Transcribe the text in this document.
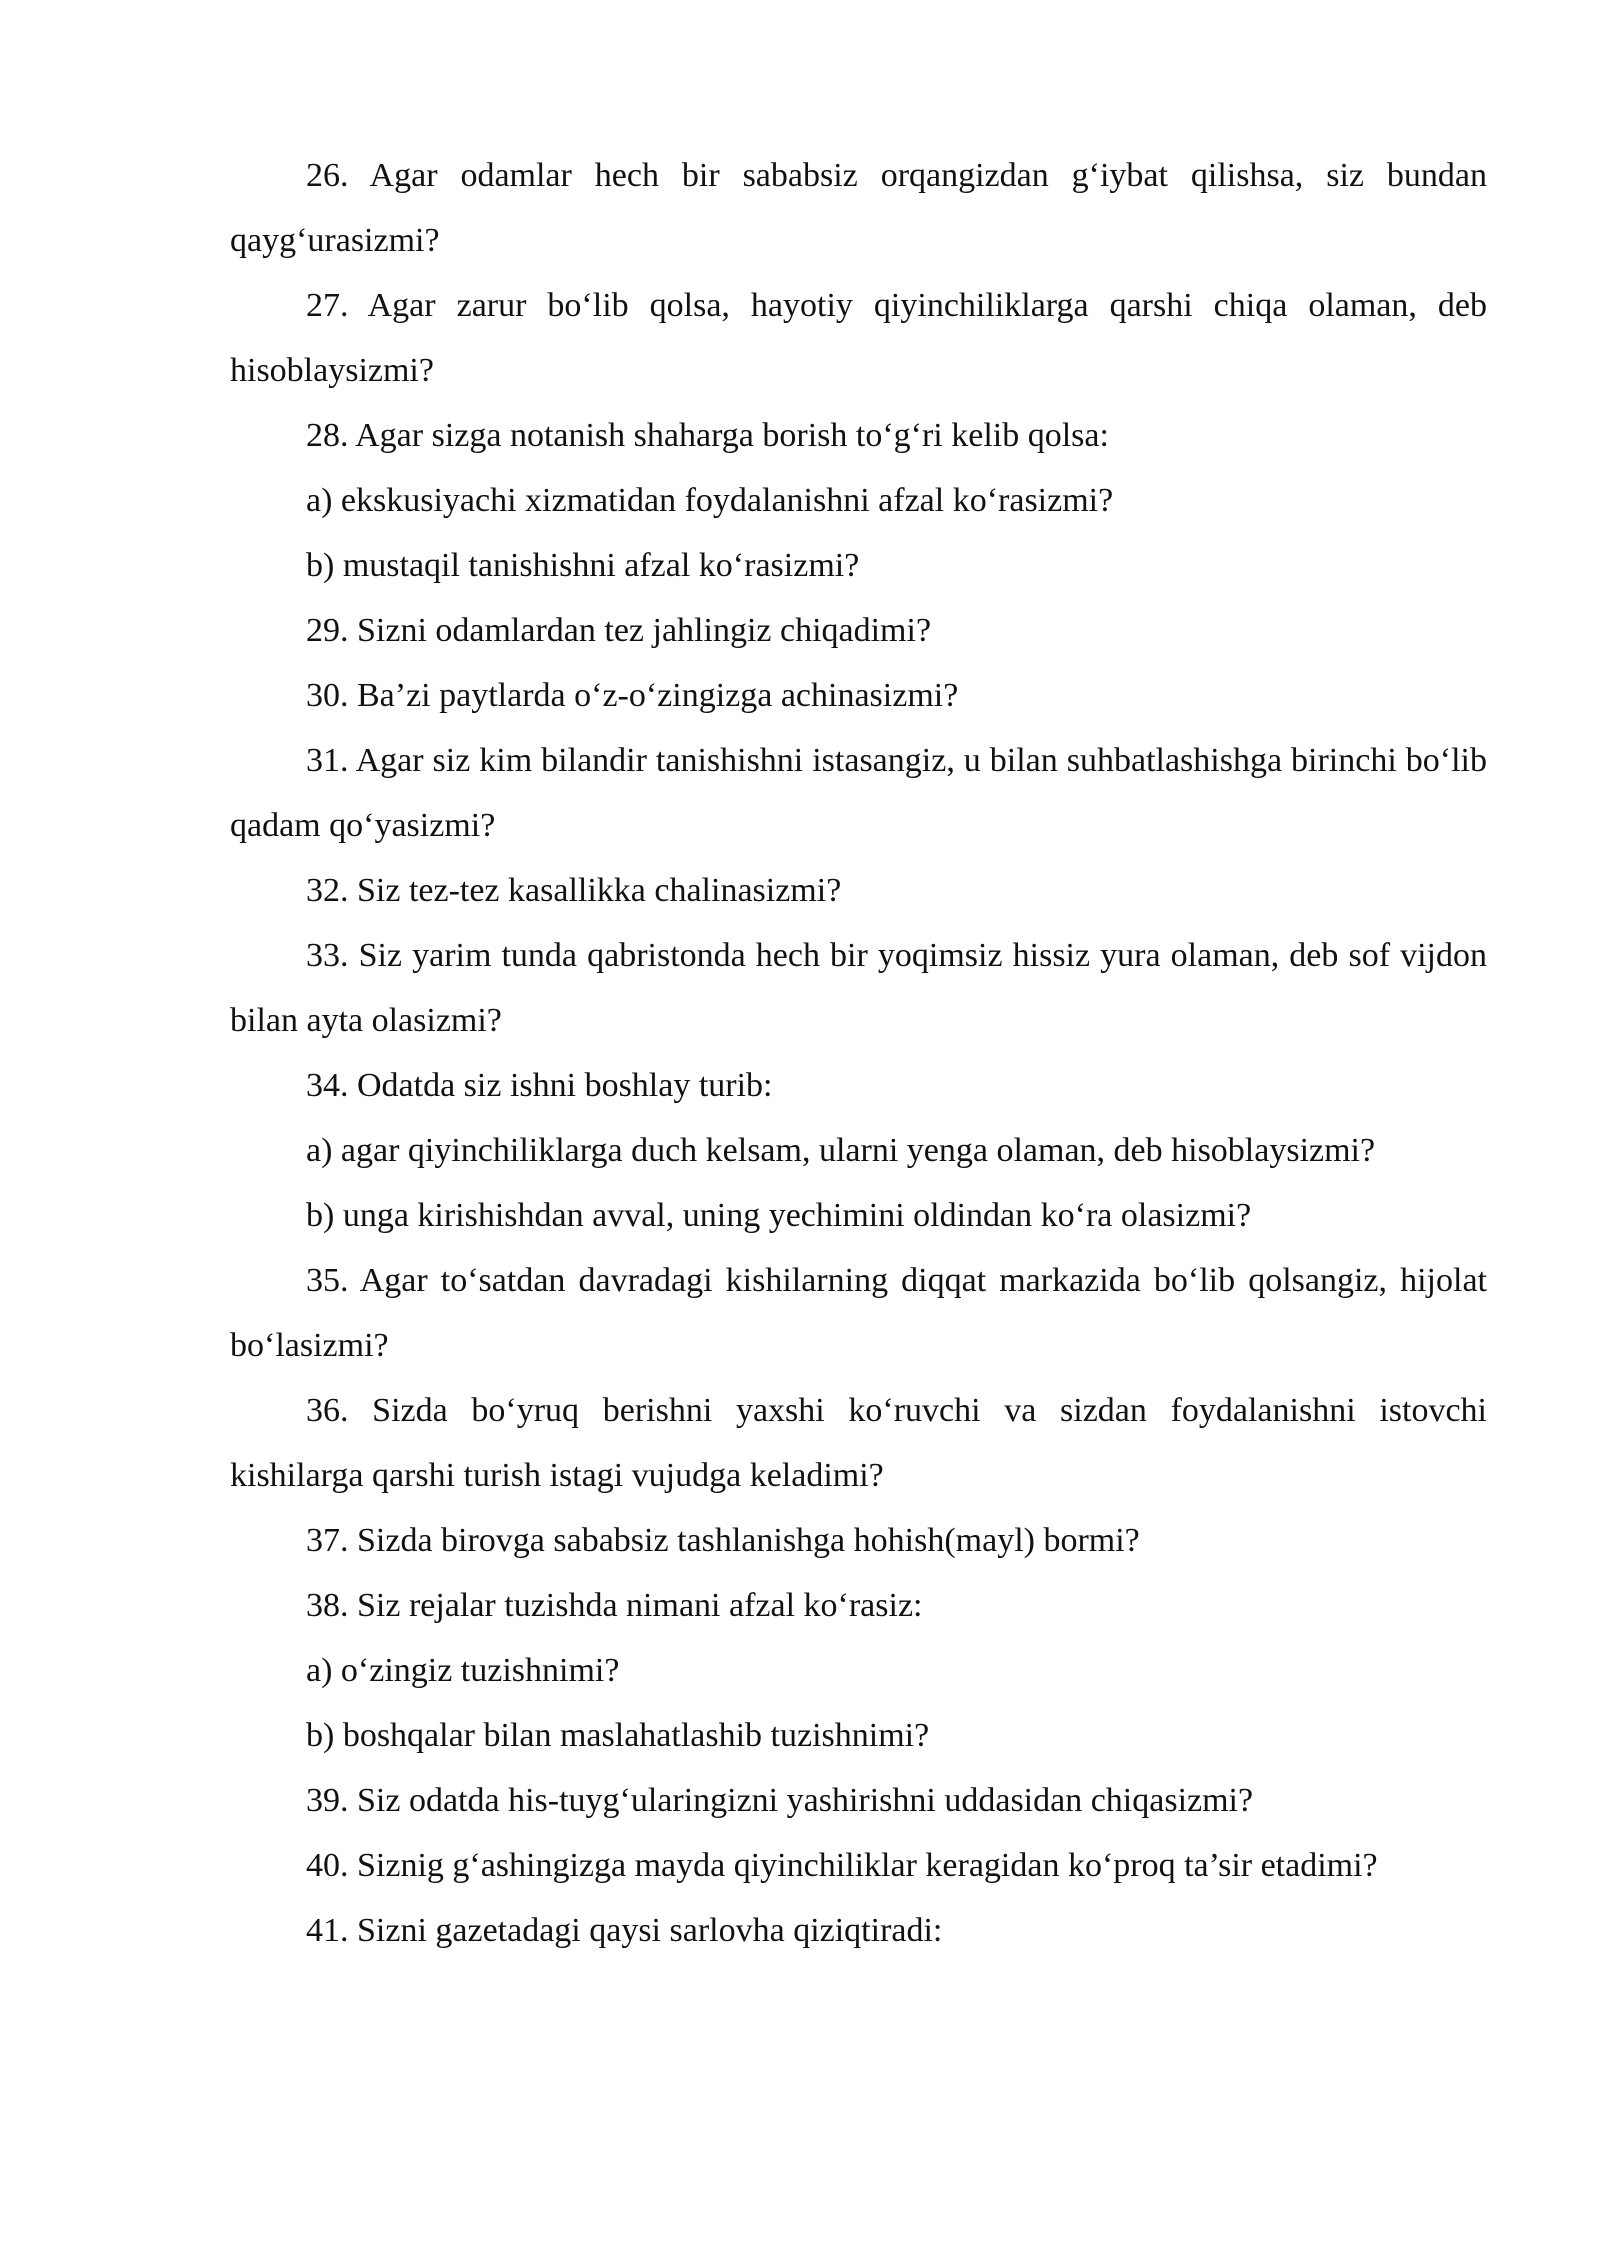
26. Agar odamlar hech bir sababsiz orqangizdan g‘iybat qilishsa, siz bundan qayg‘urasizmi?

27. Agar zarur bo‘lib qolsa, hayotiy qiyinchiliklarga qarshi chiqa olaman, deb hisoblaysizmi?

28. Agar sizga notanish shaharga borish to‘g‘ri kelib qolsa:

a) ekskusiyachi xizmatidan foydalanishni afzal ko‘rasizmi?

b) mustaqil tanishishni afzal ko‘rasizmi?

29. Sizni odamlardan tez jahlingiz chiqadimi?

30. Ba’zi paytlarda o‘z-o‘zingizga achinasizmi?

31. Agar siz kim bilandir tanishishni istasangiz, u bilan suhbatlashishga birinchi bo‘lib qadam qo‘yasizmi?

32. Siz tez-tez kasallikka chalinasizmi?

33. Siz yarim tunda qabristonda hech bir yoqimsiz hissiz yura olaman, deb sof vijdon bilan ayta olasizmi?

34. Odatda siz ishni boshlay turib:

a) agar qiyinchiliklarga duch kelsam, ularni yenga olaman, deb hisoblaysizmi?

b) unga kirishishdan avval, uning yechimini oldindan ko‘ra olasizmi?

35. Agar to‘satdan davradagi kishilarning diqqat markazida bo‘lib qolsangiz, hijolat bo‘lasizmi?

36. Sizda bo‘yruq berishni yaxshi ko‘ruvchi va sizdan foydalanishni istovchi kishilarga qarshi turish istagi vujudga keladimi?

37. Sizda birovga sababsiz tashlanishga hohish(mayl) bormi?

38. Siz rejalar tuzishda nimani afzal ko‘rasiz:

a) o‘zingiz tuzishnimi?

b) boshqalar bilan maslahatlashib tuzishnimi?

39. Siz odatda his-tuyg‘ularingizni yashirishni uddasidan chiqasizmi?

40. Siznig g‘ashingizga mayda qiyinchiliklar keragidan ko‘proq ta’sir etadimi?

41. Sizni gazetadagi qaysi sarlovha qiziqtiradi:
